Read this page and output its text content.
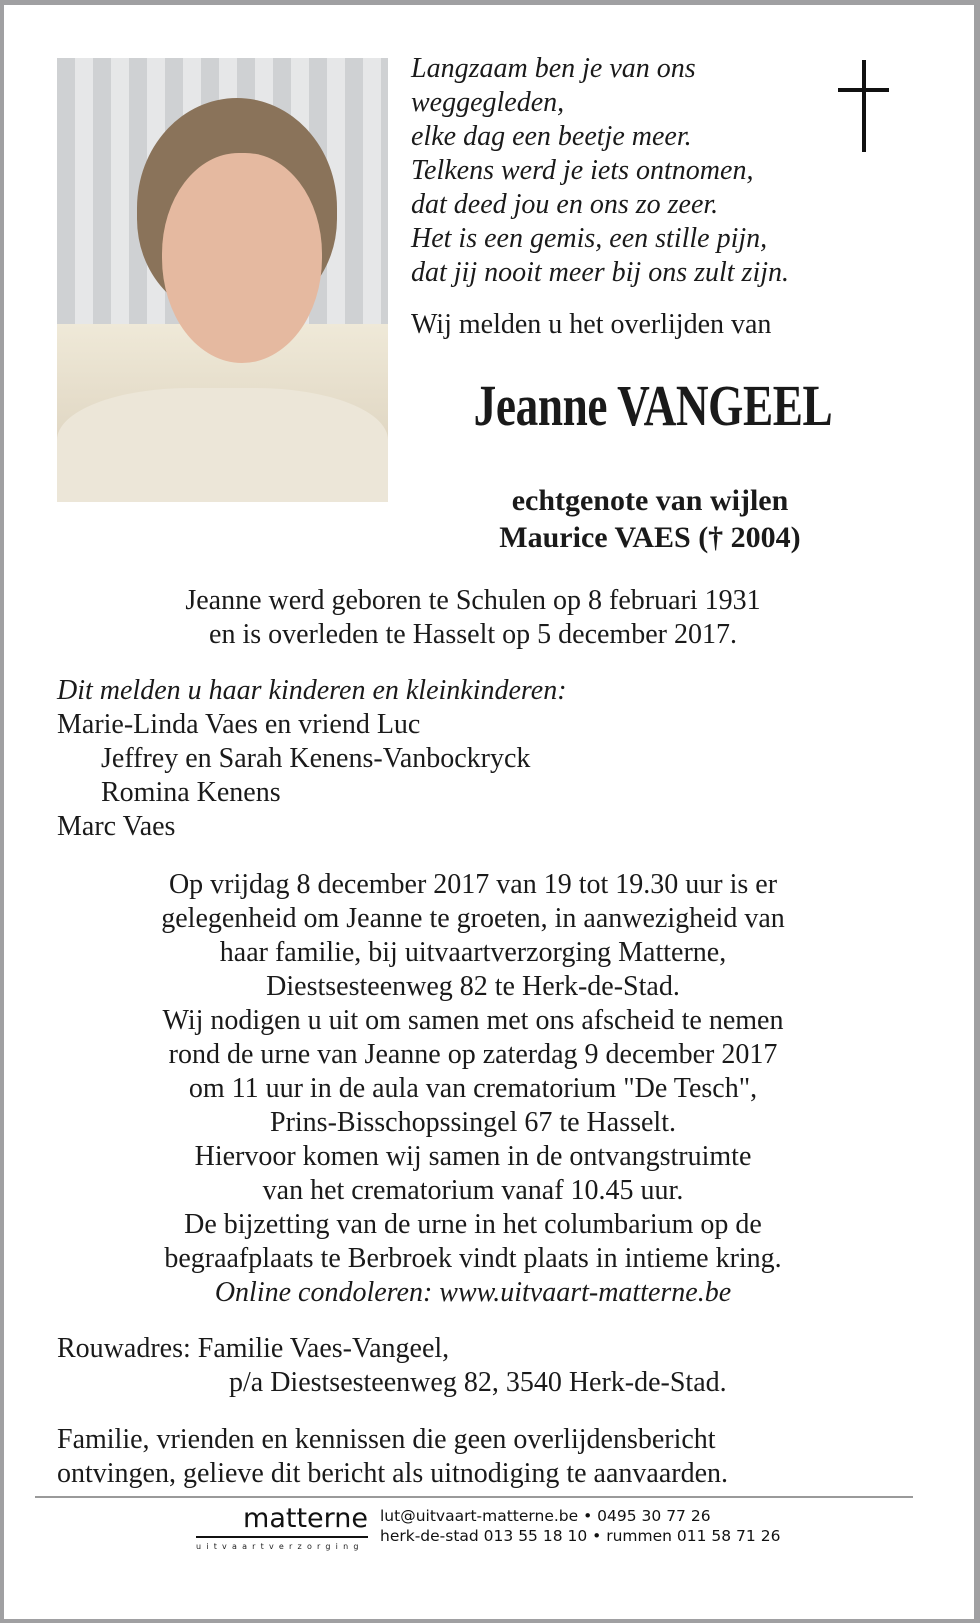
Langzaam ben je van ons
weggegleden,
elke dag een beetje meer.
Telkens werd je iets ontnomen,
dat deed jou en ons zo zeer.
Het is een gemis, een stille pijn,
dat jij nooit meer bij ons zult zijn.
Wij melden u het overlijden van
Jeanne VANGEEL
echtgenote van wijlen
Maurice VAES († 2004)
Jeanne werd geboren te Schulen op 8 februari 1931
en is overleden te Hasselt op 5 december 2017.
Dit melden u haar kinderen en kleinkinderen:
Marie-Linda Vaes en vriend Luc
Jeffrey en Sarah Kenens-Vanbockryck
Romina Kenens
Marc Vaes
Op vrijdag 8 december 2017 van 19 tot 19.30 uur is er
gelegenheid om Jeanne te groeten, in aanwezigheid van
haar familie, bij uitvaartverzorging Matterne,
Diestsesteenweg 82 te Herk-de-Stad.
Wij nodigen u uit om samen met ons afscheid te nemen
rond de urne van Jeanne op zaterdag 9 december 2017
om 11 uur in de aula van crematorium "De Tesch",
Prins-Bisschopssingel 67 te Hasselt.
Hiervoor komen wij samen in de ontvangstruimte
van het crematorium vanaf 10.45 uur.
De bijzetting van de urne in het columbarium op de
begraafplaats te Berbroek vindt plaats in intieme kring.
Online condoleren: www.uitvaart-matterne.be
Rouwadres: Familie Vaes-Vangeel,
p/a Diestsesteenweg 82, 3540 Herk-de-Stad.
Familie, vrienden en kennissen die geen overlijdensbericht
ontvingen, gelieve dit bericht als uitnodiging te aanvaarden.
matterne
uitvaartverzorging
lut@uitvaart-matterne.be • 0495 30 77 26
herk-de-stad 013 55 18 10 • rummen 011 58 71 26
